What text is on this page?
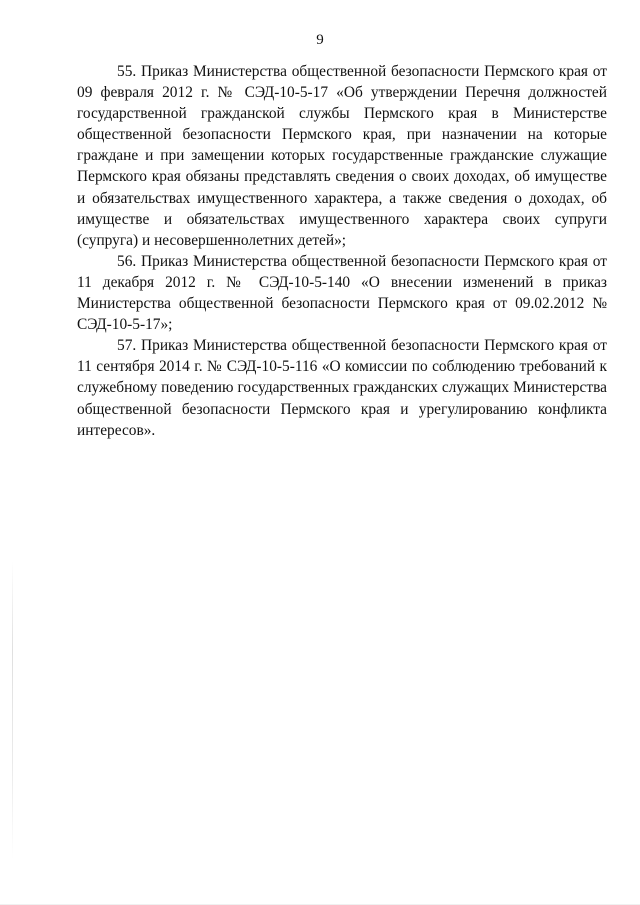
9

55. Приказ Министерства общественной безопасности Пермского края от 09 февраля 2012 г. № СЭД-10-5-17 «Об утверждении Перечня должностей государственной гражданской службы Пермского края в Министерстве общественной безопасности Пермского края, при назначении на которые граждане и при замещении которых государственные гражданские служащие Пермского края обязаны представлять сведения о своих доходах, об имуществе и обязательствах имущественного характера, а также сведения о доходах, об имуществе и обязательствах имущественного характера своих супруги (супруга) и несовершеннолетних детей»;

56. Приказ Министерства общественной безопасности Пермского края от 11 декабря 2012 г. № СЭД-10-5-140 «О внесении изменений в приказ Министерства общественной безопасности Пермского края от 09.02.2012 № СЭД-10-5-17»;

57. Приказ Министерства общественной безопасности Пермского края от 11 сентября 2014 г. № СЭД-10-5-116 «О комиссии по соблюдению требований к служебному поведению государственных гражданских служащих Министерства общественной безопасности Пермского края и урегулированию конфликта интересов».
